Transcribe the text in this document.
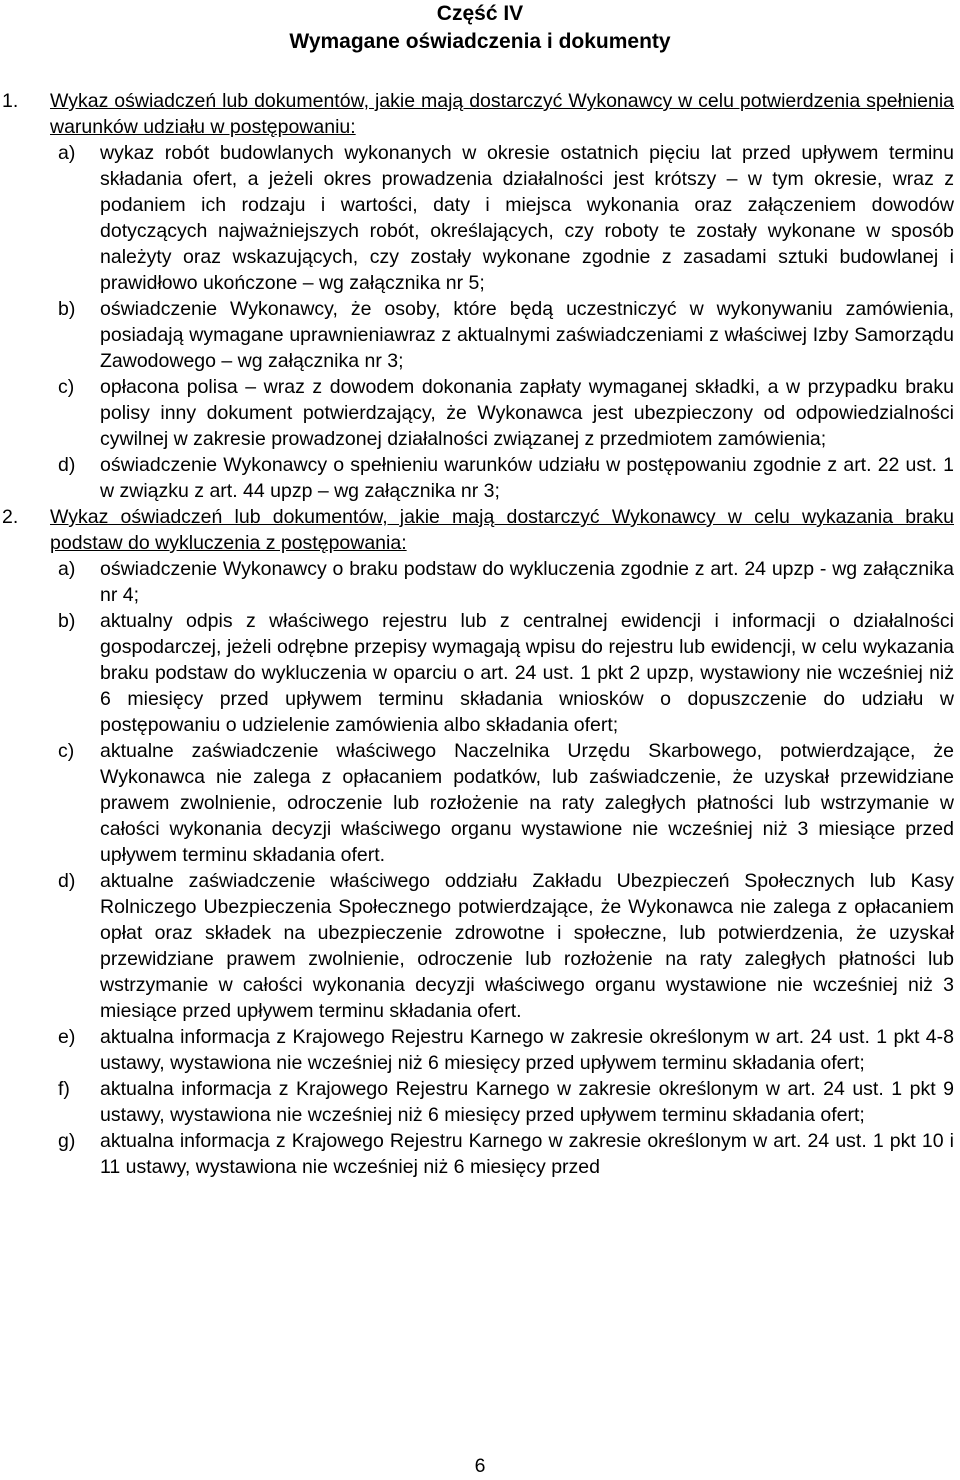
Część IV
Wymagane oświadczenia i dokumenty
1. Wykaz oświadczeń lub dokumentów, jakie mają dostarczyć Wykonawcy w celu potwierdzenia spełnienia warunków udziału w postępowaniu:
a) wykaz robót budowlanych wykonanych w okresie ostatnich pięciu lat przed upływem terminu składania ofert, a jeżeli okres prowadzenia działalności jest krótszy – w tym okresie, wraz z podaniem ich rodzaju i wartości, daty i miejsca wykonania oraz załączeniem dowodów dotyczących najważniejszych robót, określających, czy roboty te zostały wykonane w sposób należyty oraz wskazujących, czy zostały wykonane zgodnie z zasadami sztuki budowlanej i prawidłowo ukończone – wg załącznika nr 5;
b) oświadczenie Wykonawcy, że osoby, które będą uczestniczyć w wykonywaniu zamówienia, posiadają wymagane uprawnieniawraz z aktualnymi zaświadczeniami z właściwej Izby Samorządu Zawodowego – wg załącznika nr 3;
c) opłacona polisa – wraz z dowodem dokonania zapłaty wymaganej składki, a w przypadku braku polisy inny dokument potwierdzający, że Wykonawca jest ubezpieczony od odpowiedzialności cywilnej w zakresie prowadzonej działalności związanej z przedmiotem zamówienia;
d) oświadczenie Wykonawcy o spełnieniu warunków udziału w postępowaniu zgodnie z art. 22 ust. 1 w związku z art. 44 upzp – wg załącznika nr 3;
2. Wykaz oświadczeń lub dokumentów, jakie mają dostarczyć Wykonawcy w celu wykazania braku podstaw do wykluczenia z postępowania:
a) oświadczenie Wykonawcy o braku podstaw do wykluczenia zgodnie z art. 24 upzp - wg załącznika nr 4;
b) aktualny odpis z właściwego rejestru lub z centralnej ewidencji i informacji o działalności gospodarczej, jeżeli odrębne przepisy wymagają wpisu do rejestru lub ewidencji, w celu wykazania braku podstaw do wykluczenia w oparciu o art. 24 ust. 1 pkt 2 upzp, wystawiony nie wcześniej niż 6 miesięcy przed upływem terminu składania wniosków o dopuszczenie do udziału w postępowaniu o udzielenie zamówienia albo składania ofert;
c) aktualne zaświadczenie właściwego Naczelnika Urzędu Skarbowego, potwierdzające, że Wykonawca nie zalega z opłacaniem podatków, lub zaświadczenie, że uzyskał przewidziane prawem zwolnienie, odroczenie lub rozłożenie na raty zaległych płatności lub wstrzymanie w całości wykonania decyzji właściwego organu wystawione nie wcześniej niż 3 miesiące przed upływem terminu składania ofert.
d) aktualne zaświadczenie właściwego oddziału Zakładu Ubezpieczeń Społecznych lub Kasy Rolniczego Ubezpieczenia Społecznego potwierdzające, że Wykonawca nie zalega z opłacaniem opłat oraz składek na ubezpieczenie zdrowotne i społeczne, lub potwierdzenia, że uzyskał przewidziane prawem zwolnienie, odroczenie lub rozłożenie na raty zaległych płatności lub wstrzymanie w całości wykonania decyzji właściwego organu wystawione nie wcześniej niż 3 miesiące przed upływem terminu składania ofert.
e) aktualna informacja z Krajowego Rejestru Karnego w zakresie określonym w art. 24 ust. 1 pkt 4-8 ustawy, wystawiona nie wcześniej niż 6 miesięcy przed upływem terminu składania ofert;
f) aktualna informacja z Krajowego Rejestru Karnego w zakresie określonym w art. 24 ust. 1 pkt 9 ustawy, wystawiona nie wcześniej niż 6 miesięcy przed upływem terminu składania ofert;
g) aktualna informacja z Krajowego Rejestru Karnego w zakresie określonym w art. 24 ust. 1 pkt 10 i 11 ustawy, wystawiona nie wcześniej niż 6 miesięcy przed
6
